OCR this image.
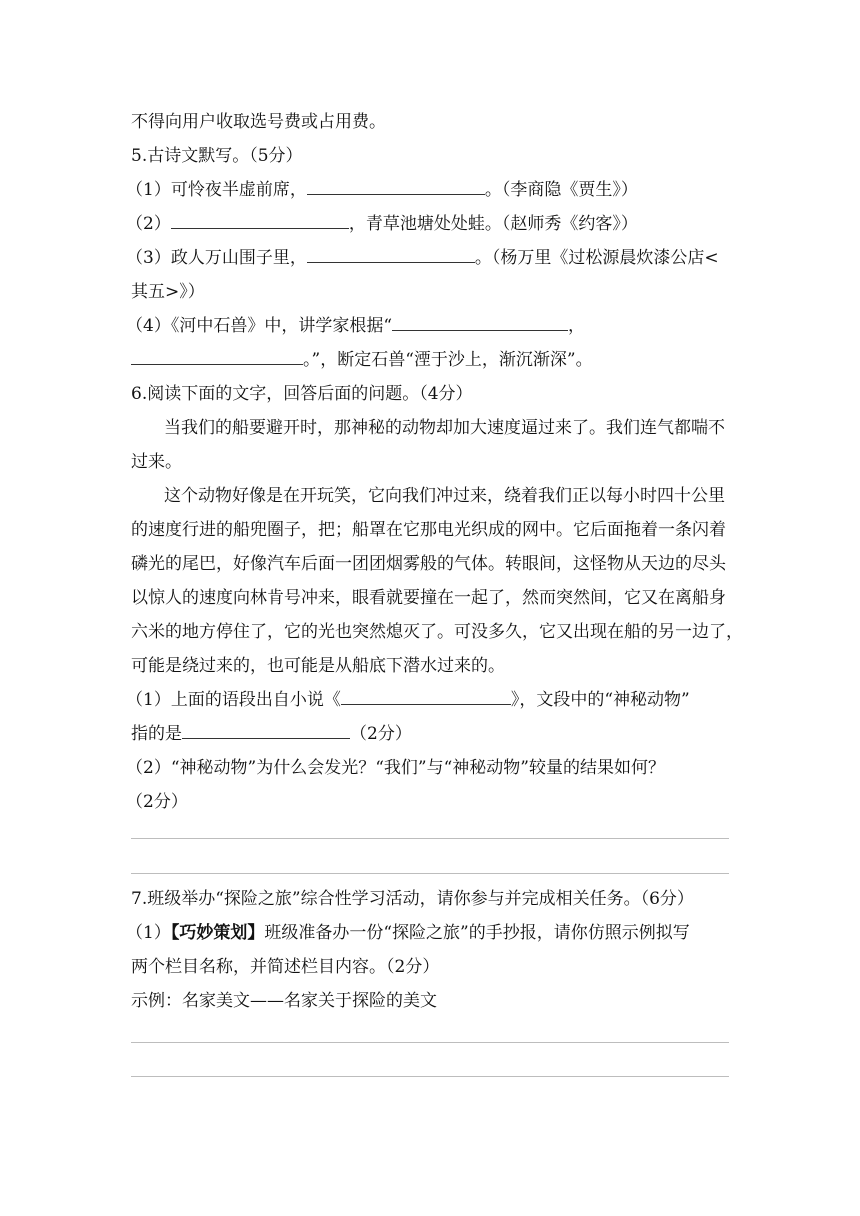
不得向用户收取选号费或占用费。
5.古诗文默写。（5分）
（1）可怜夜半虚前席，	。（李商隐《贾生》）
（2）	，青草池塘处处蛙。（赵师秀《约客》）
（3）政人万山围子里，	。（杨万里《过松源晨炊漆公店<
其五>》）
（4）《河中石兽》中，讲学家根据“	，
。”，断定石兽“湮于沙上，渐沉渐深”。
6.阅读下面的文字，回答后面的问题。（4分）
当我们的船要避开时，那神秘的动物却加大速度逼过来了。我们连气都喘不
过来。
这个动物好像是在开玩笑，它向我们冲过来，绕着我们正以每小时四十公里
的速度行进的船兜圈子，把；船罩在它那电光织成的网中。它后面拖着一条闪着
磷光的尾巴，好像汽车后面一团团烟雾般的气体。转眼间，这怪物从天边的尽头
以惊人的速度向林肯号冲来，眼看就要撞在一起了，然而突然间，它又在离船身
六米的地方停住了，它的光也突然熄灭了。可没多久，它又出现在船的另一边了，
可能是绕过来的，也可能是从船底下潜水过来的。
（1）上面的语段出自小说《	》，文段中的“神秘动物”
指的是	（2分）
（2）“神秘动物”为什么会发光？“我们”与“神秘动物”较量的结果如何？
（2分）
7.班级举办“探险之旅”综合性学习活动，请你参与并完成相关任务。（6分）
（1）【巧妙策划】班级准备办一份“探险之旅”的手抄报，请你仿照示例拟写
两个栏目名称，并简述栏目内容。（2分）
示例：名家美文——名家关于探险的美文
